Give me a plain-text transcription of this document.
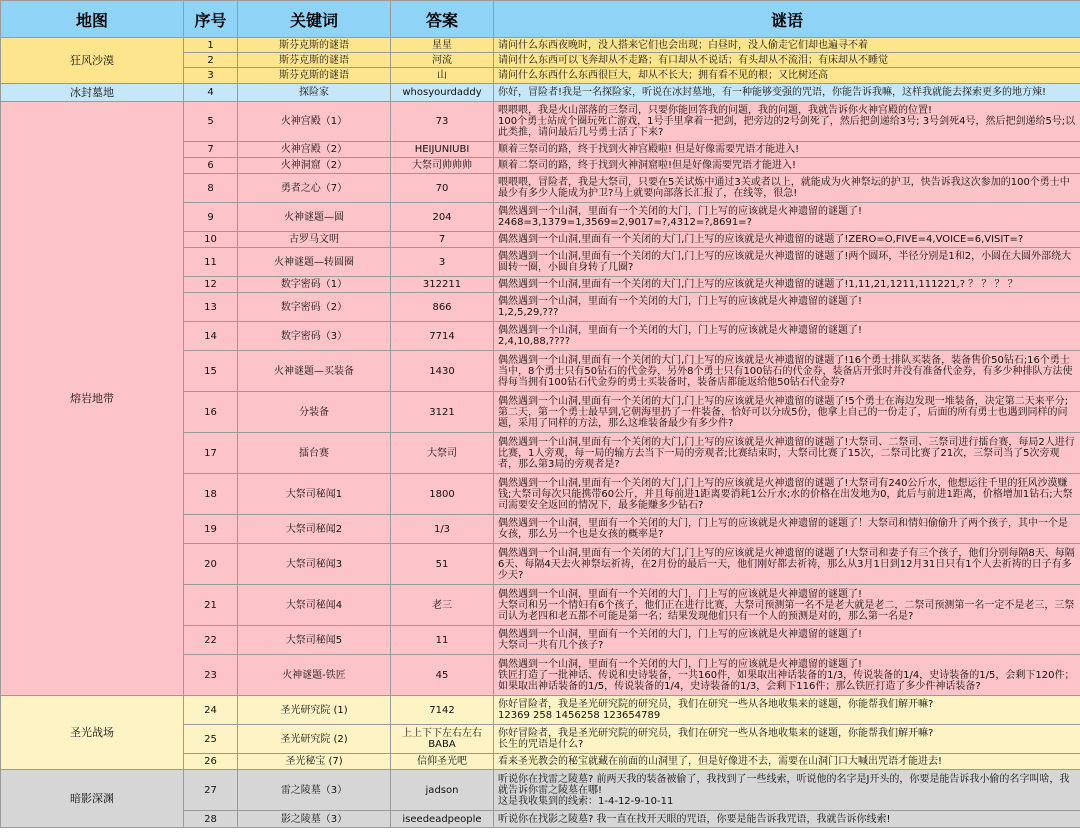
地图	序号	关键词	答案	谜语
狂风沙漠	1	斯芬克斯的谜语	星星	请问什么东西夜晚时，没人搭来它们也会出现；白昼时，没人偷走它们却也遍寻不着
	2	斯芬克斯的谜语	河流	请问什么东西可以飞奔却从不走路；有口却从不说话；有头却从不流泪；有床却从不睡觉
	3	斯芬克斯的谜语	山	请问什么东西什么东西很巨大，却从不长大；拥有看不见的根；又比树还高
冰封墓地	4	探险家	whosyourdaddy	你好，冒险者!我是一名探险家，听说在冰封墓地，有一种能够变强的咒语，你能告诉我嘛，这样我就能去探索更多的地方辣!
熔岩地带	5	火神宫殿（1）	73	喂喂喂，我是火山部落的三祭司，只要你能回答我的问题，我的问题，我就告诉你火神宫殿的位置!
100个勇士站成个圈玩死亡游戏，1号手里拿着一把剑，把旁边的2号剑死了，然后把剑递给3号; 3号剑死4号，然后把剑递给5号;以此类推，请问最后几号勇士活了下来?
	7	火神宫殿（2）	HEIJUNIUBI	顺着三祭司的路，终于找到火神宫殿啦! 但是好像需要咒语才能进入!
	6	火神洞窟（2）	大祭司帅帅帅	顺着二祭司的路，终于找到火神洞窟啦!但是好像需要咒语才能进入!
	8	勇者之心（7）	70	喂喂喂，冒险者，我是大祭司，只要在5关试炼中通过3关或者以上，就能成为火神祭坛的护卫，快告诉我这次参加的100个勇士中最少有多少人能成为护卫?马上就要向部落长汇报了，在线等，很急!
	9	火神谜题—圆	204	偶然遇到一个山洞，里面有一个关闭的大门，门上写的应该就是火神遗留的谜题了!
2468=3,1379=1,3569=2,9017=?,4312=?,8691=?
	10	古罗马文明	7	偶然遇到一个山洞,里面有一个关闭的大门,门上写的应该就是火神遗留的谜题了!ZERO=O,FIVE=4,VOICE=6,VISIT=?
	11	火神谜题—转圆圈	3	偶然遇到一个山洞,里面有一个关闭的大门,门上写的应该就是火神遗留的谜题了!两个圆环，半径分别是1和2，小圆在大圆外部绕大圆转一圈，小圆自身转了几圈?
	12	数字密码（1）	312211	偶然遇到一个山洞,里面有一个关闭的大门,门上写的应该就是火神遗留的谜题了!1,11,21,1211,111221,? ？ ？ ？ ？
	13	数字密码（2）	866	偶然遇到一个山洞，里面有一个关闭的大门，门上写的应该就是火神遗留的谜题了!
1,2,5,29,???
	14	数字密码（3）	7714	偶然遇到一个山洞，里面有一个关闭的大门，门上写的应该就是火神遗留的谜题了!
2,4,10,88,????
	15	火神谜题—买装备	1430	偶然遇到一个山洞,里面有一个关闭的大门,门上写的应该就是火神遗留的谜题了!16个勇士排队买装备，装备售价50钻石;16个勇士当中，8个勇士只有50钻石的代金券，另外8个勇士只有100钻石的代金券，装备店开张时并没有准备代金券，有多少种排队方法使得每当拥有100钻石代金券的勇士买装备时，装备店都能返给他50钻石代金券?
	16	分装备	3121	偶然遇到一个山洞,里面有一个关闭的大门,门上写的应该就是火神遗留的谜题了!5个勇士在海边发现一堆装备，决定第二天来平分;第二天，第一个勇士最早到,它朝海里扔了一件装备，恰好可以分成5份，他拿上自己的一份走了，后面的所有勇士也遇到同样的问题，采用了同样的方法，那么这堆装备最少有多少件?
	17	擂台赛	大祭司	偶然遇到一个山洞,里面有一个关闭的大门,门上写的应该就是火神遗留的谜题了!大祭司、二祭司、三祭司进行擂台赛，每局2人进行比赛，1人旁观，每一局的输方去当下一局的旁观者;比赛结束时，大祭司比赛了15次，二祭司比赛了21次，三祭司当了5次旁观者，那么第3局的旁观者是?
	18	大祭司秘闻1	1800	偶然遇到一个山洞,里面有一个关闭的大门,门上写的应该就是火神遗留的谜题了!大祭司有240公斤水，他想运往千里的狂风沙漠赚钱;大祭司每次只能携带60公斤，并且每前进1距离要消耗1公斤水;水的价格在出发地为0，此后与前进1距离，价格增加1钻石;大祭司需要安全返回的情况下，最多能赚多少钻石?
	19	大祭司秘闻2	1/3	偶然遇到一个山洞，里面有一个关闭的大门，门上写的应该就是火神遗留的谜题了！大祭司和情妇偷偷升了两个孩子，其中一个是女孩，那么另一个也是女孩的概率是?
	20	大祭司秘闻3	51	偶然遇到一个山洞,里面有一个关闭的大门,门上写的应该就是火神遗留的谜题了!大祭司和妻子有三个孩子，他们分别每隔8天、每隔6天、每隔4天去火神祭坛祈祷，在2月份的最后一天，他们刚好都去祈祷，那么从3月1日到12月31日只有1个人去祈祷的日子有多少天?
	21	大祭司秘闻4	老三	偶然遇到一个山洞，里面有一个关闭的大门，门上写的应该就是火神遗留的谜题了!
大祭司和另一个情妇有6个孩子，他们正在进行比赛，大祭司预测第一名不是老大就是老二，二祭司预测第一名一定不是老三，三祭司认为老四和老五都不可能是第一名；结果发现他们只有一个人的预测是对的，那么第一名是?
	22	大祭司秘闻5	11	偶然遇到一个山洞，里面有一个关闭的大门，门上写的应该就是火神遗留的谜题了!
大祭司一共有几个孩子?
	23	火神谜题-铁匠	45	偶然遇到一个山洞，里面有一个关闭的大门，门上写的应该就是火神遗留的谜题了!
铁匠打造了一批神话、传说和史诗装备，一共160件，如果取出神话装备的1/3，传说装备的1/4，史诗装备的1/5，会剩下120件；如果取出神话装备的1/5，传说装备的1/4，史诗装备的1/3，会剩下116件；那么铁匠打造了多少件神话装备?
圣光战场	24	圣光研究院 (1)	7142	你好冒险者，我是圣光研究院的研究员，我们在研究一些从各地收集来的谜题，你能帮我们解开嘛?
12369 258 1456258 123654789
	25	圣光研究院 (2)	上上下下左右左右BABA	你好冒险者，我是圣光研究院的研究员，我们在研究一些从各地收集来的谜题，你能帮我们解开嘛?
长生的咒语是什么?
	26	圣光秘宝 (7)	信仰圣光吧	看来圣光教会的秘宝就藏在前面的山洞里了，但是好像进不去，需要在山洞门口大喊出咒语才能进去!
暗影深渊	27	雷之陵墓（3）	jadson	听说你在找雷之陵墓? 前两天我的装备被偷了，我找到了一些线索，听说他的名字是J开头的，你要是能告诉我小偷的名字叫啥，我就告诉你雷之陵墓在哪!
这是我收集到的线索：1-4-12-9-10-11
	28	影之陵墓（3）	iseedeadpeople	听说你在找影之陵墓? 我一直在找开天眼的咒语，你要是能告诉我咒语，我就告诉你线索!
